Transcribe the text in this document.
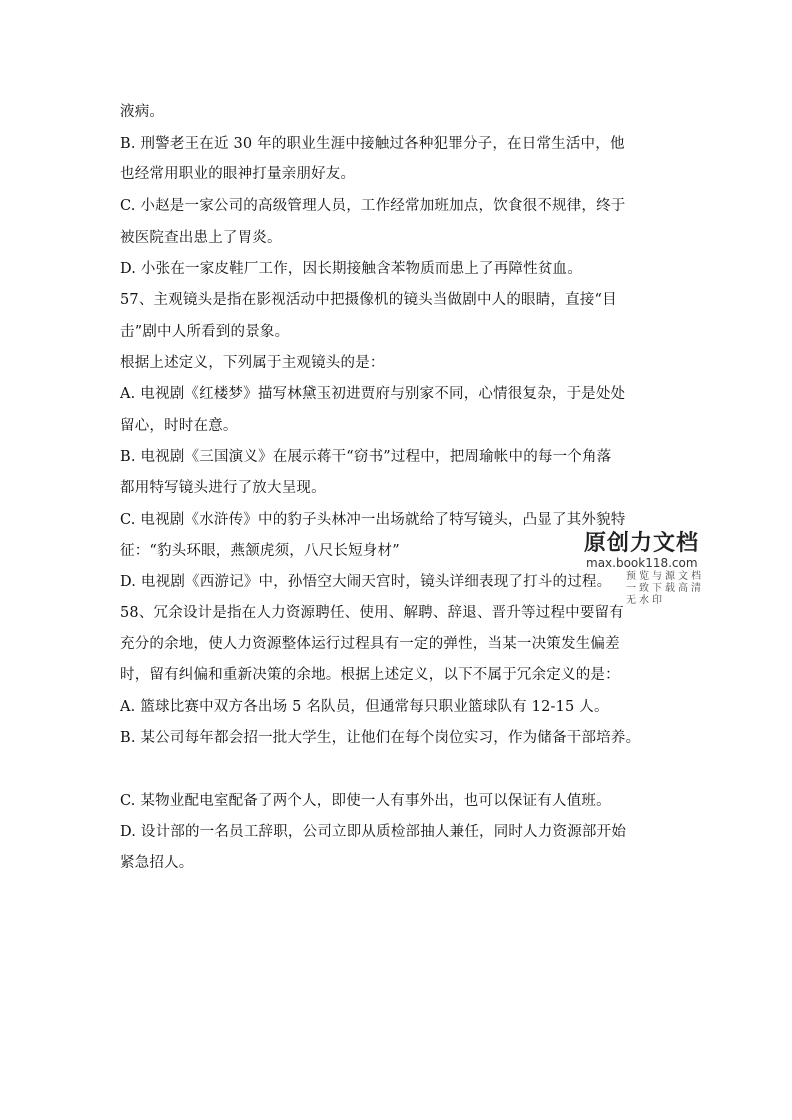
液病。
B. 刑警老王在近 30 年的职业生涯中接触过各种犯罪分子，在日常生活中，他
也经常用职业的眼神打量亲朋好友。
C. 小赵是一家公司的高级管理人员，工作经常加班加点，饮食很不规律，终于
被医院查出患上了胃炎。
D. 小张在一家皮鞋厂工作，因长期接触含苯物质而患上了再障性贫血。
57、主观镜头是指在影视活动中把摄像机的镜头当做剧中人的眼睛，直接“目
击”剧中人所看到的景象。
根据上述定义，下列属于主观镜头的是：
A. 电视剧《红楼梦》描写林黛玉初进贾府与别家不同，心情很复杂，于是处处
留心，时时在意。
B. 电视剧《三国演义》在展示蒋干“窃书”过程中，把周瑜帐中的每一个角落
都用特写镜头进行了放大呈现。
C. 电视剧《水浒传》中的豹子头林冲一出场就给了特写镜头，凸显了其外貌特
征：“豹头环眼，燕颔虎须，八尺长短身材”
D. 电视剧《西游记》中，孙悟空大闹天宫时，镜头详细表现了打斗的过程。
58、冗余设计是指在人力资源聘任、使用、解聘、辞退、晋升等过程中要留有
充分的余地，使人力资源整体运行过程具有一定的弹性，当某一决策发生偏差
时，留有纠偏和重新决策的余地。根据上述定义，以下不属于冗余定义的是：
A. 篮球比赛中双方各出场 5 名队员，但通常每只职业篮球队有 12-15 人。
B. 某公司每年都会招一批大学生，让他们在每个岗位实习，作为储备干部培养。
C. 某物业配电室配备了两个人，即使一人有事外出，也可以保证有人值班。
D. 设计部的一名员工辞职，公司立即从质检部抽人兼任，同时人力资源部开始
紧急招人。
原创力文档
max.book118.com
预览与源文档一致下载高清无水印
